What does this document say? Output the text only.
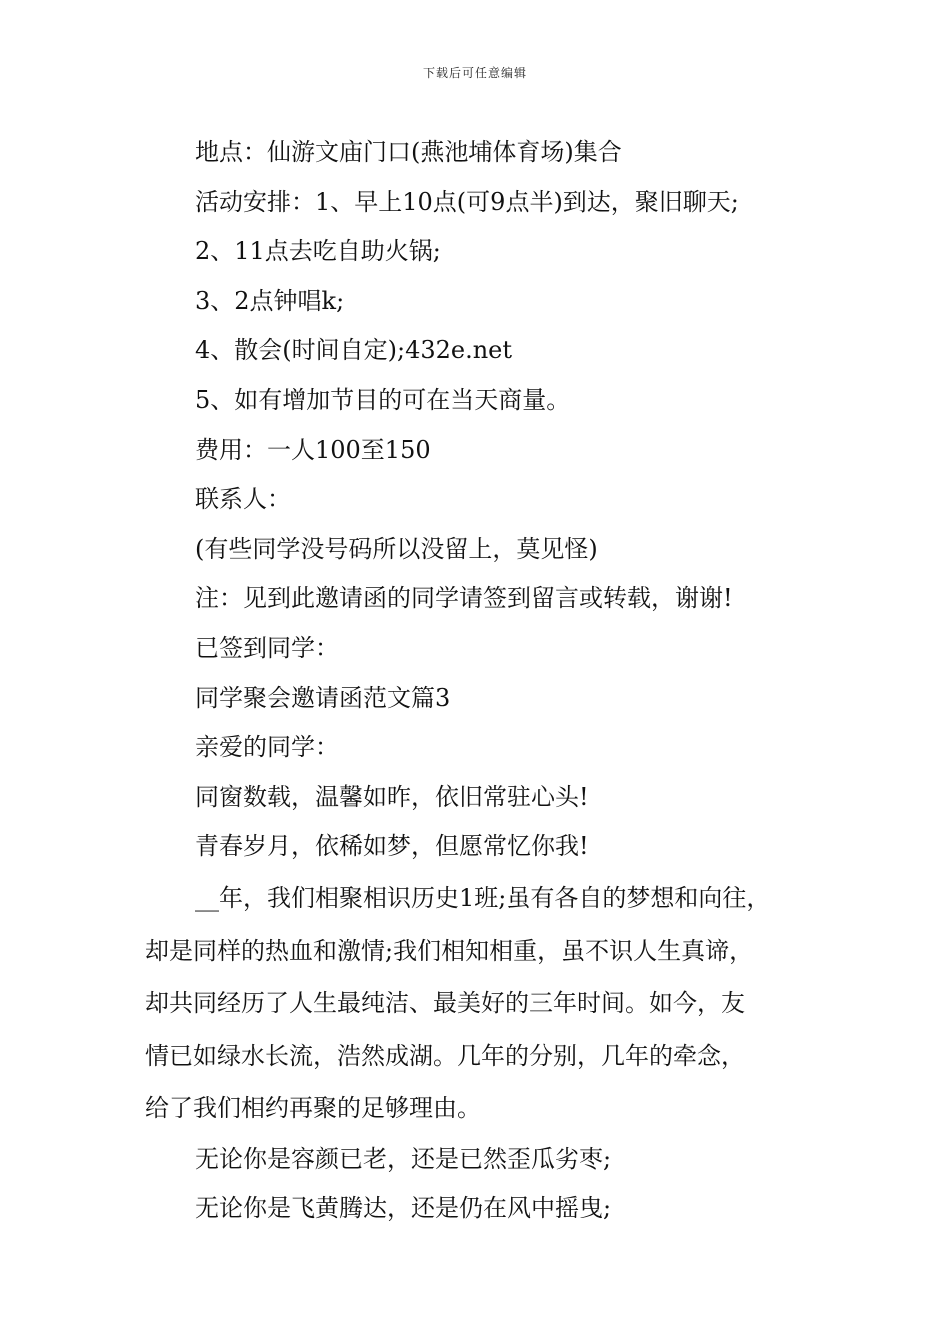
下载后可任意编辑
地点：仙游文庙门口(燕池埔体育场)集合
活动安排：1、早上10点(可9点半)到达，聚旧聊天;
2、11点去吃自助火锅;
3、2点钟唱k;
4、散会(时间自定);432e.net
5、如有增加节目的可在当天商量。
费用：一人100至150
联系人：
(有些同学没号码所以没留上，莫见怪)
注：见到此邀请函的同学请签到留言或转载，谢谢!
已签到同学：
同学聚会邀请函范文篇3
亲爱的同学：
同窗数载，温馨如昨，依旧常驻心头!
青春岁月，依稀如梦，但愿常忆你我!
__年，我们相聚相识历史1班;虽有各自的梦想和向往，
却是同样的热血和激情;我们相知相重，虽不识人生真谛，
却共同经历了人生最纯洁、最美好的三年时间。如今，友
情已如绿水长流，浩然成湖。几年的分别，几年的牵念，
给了我们相约再聚的足够理由。
无论你是容颜已老，还是已然歪瓜劣枣;
无论你是飞黄腾达，还是仍在风中摇曳;
